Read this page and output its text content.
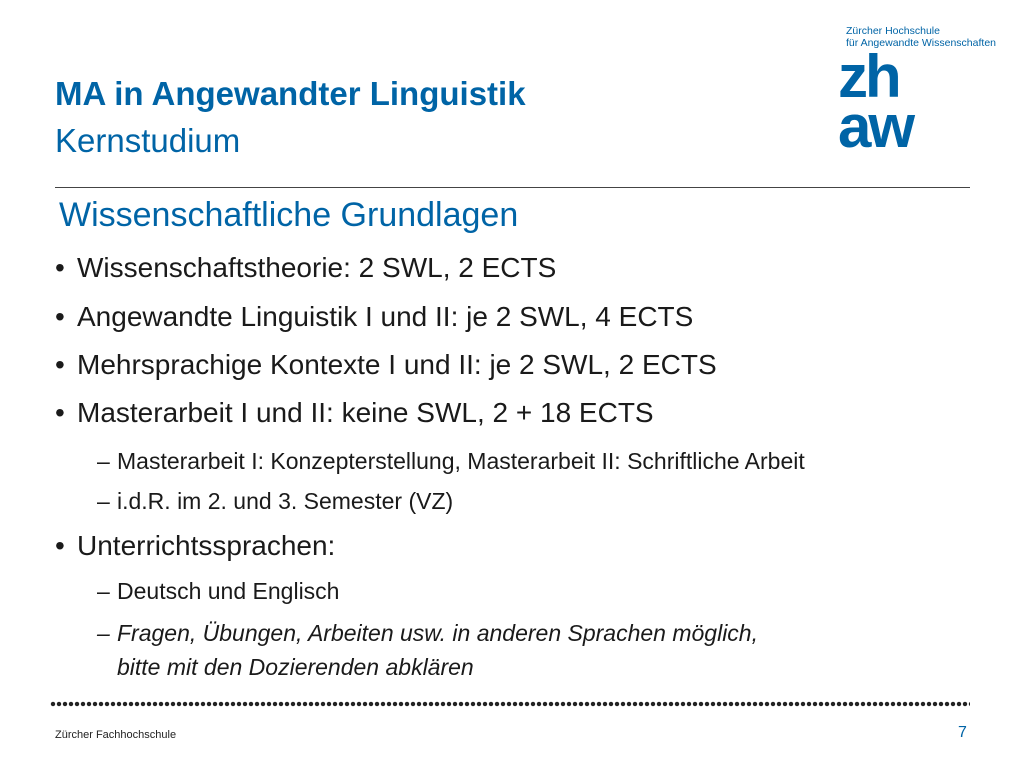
Zürcher Hochschule
für Angewandte Wissenschaften
zh
aw
MA in Angewandter Linguistik
Kernstudium
Wissenschaftliche Grundlagen
• Wissenschaftstheorie: 2 SWL, 2 ECTS
• Angewandte Linguistik I und II: je 2 SWL, 4 ECTS
• Mehrsprachige Kontexte I und II: je 2 SWL, 2 ECTS
• Masterarbeit I und II: keine SWL, 2 + 18 ECTS
– Masterarbeit I: Konzepterstellung, Masterarbeit II: Schriftliche Arbeit
– i.d.R. im 2. und 3. Semester (VZ)
• Unterrichtssprachen:
– Deutsch und Englisch
– Fragen, Übungen, Arbeiten usw. in anderen Sprachen möglich,
bitte mit den Dozierenden abklären
Zürcher Fachhochschule	7
